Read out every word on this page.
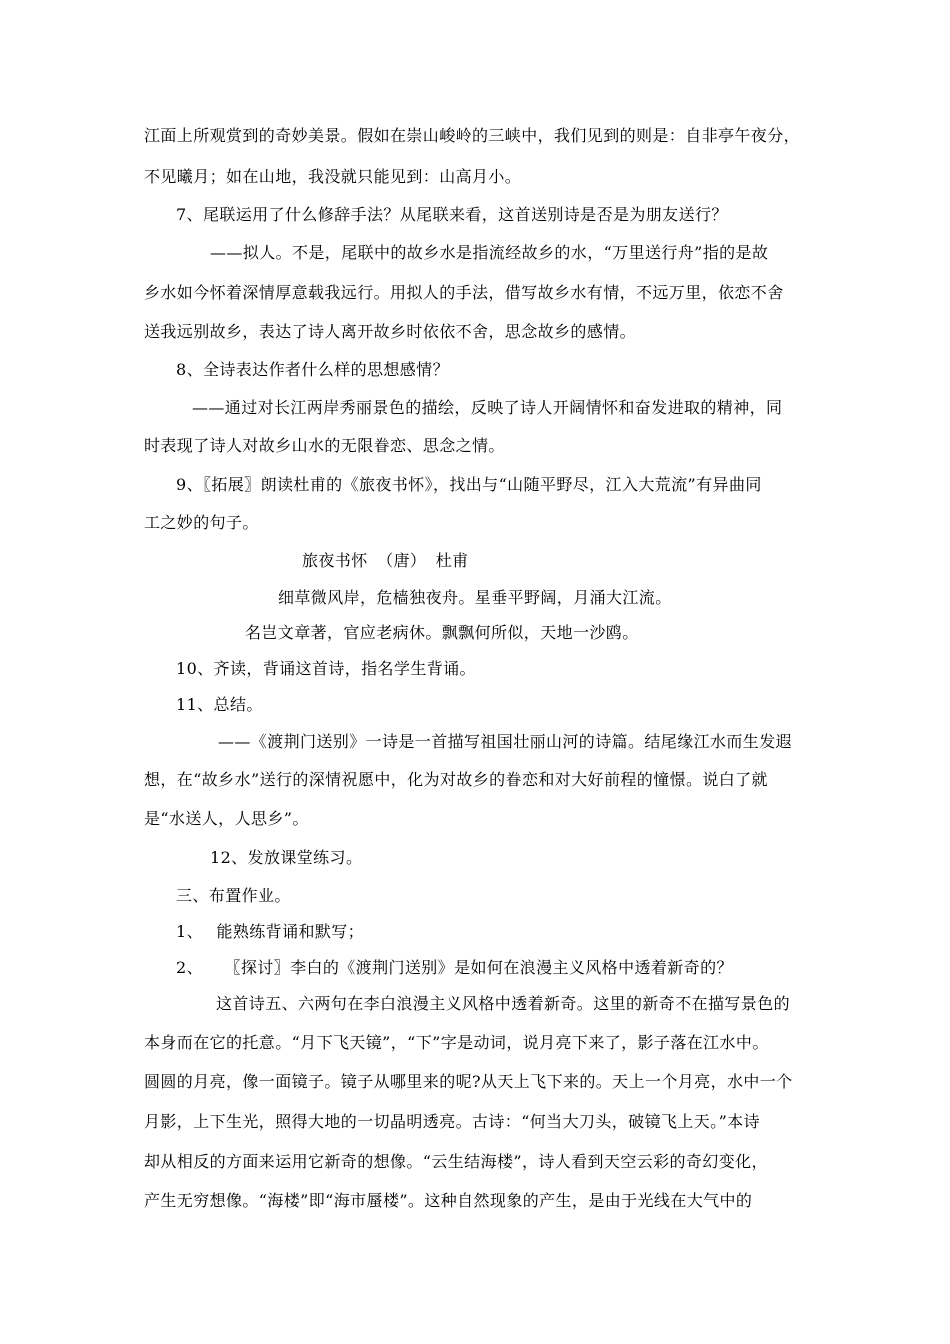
江面上所观赏到的奇妙美景。假如在崇山峻岭的三峡中，我们见到的则是：自非亭午夜分，
不见曦月；如在山地，我没就只能见到：山高月小。
7、尾联运用了什么修辞手法？从尾联来看，这首送别诗是否是为朋友送行？
——拟人。不是，尾联中的故乡水是指流经故乡的水，“万里送行舟”指的是故
乡水如今怀着深情厚意载我远行。用拟人的手法，借写故乡水有情，不远万里，依恋不舍
送我远别故乡，表达了诗人离开故乡时依依不舍，思念故乡的感情。
8、全诗表达作者什么样的思想感情？
——通过对长江两岸秀丽景色的描绘，反映了诗人开阔情怀和奋发进取的精神，同
时表现了诗人对故乡山水的无限眷恋、思念之情。
9、〖拓展〗朗读杜甫的《旅夜书怀》，找出与“山随平野尽，江入大荒流”有异曲同
工之妙的句子。
旅夜书怀 （唐） 杜甫
细草微风岸，危樯独夜舟。星垂平野阔，月涌大江流。
名岂文章著，官应老病休。飘飘何所似，天地一沙鸥。
10、齐读，背诵这首诗，指名学生背诵。
11、总结。
——《渡荆门送别》一诗是一首描写祖国壮丽山河的诗篇。结尾缘江水而生发遐
想，在“故乡水”送行的深情祝愿中，化为对故乡的眷恋和对大好前程的憧憬。说白了就
是“水送人，人思乡”。
12、发放课堂练习。
三、布置作业。
1、 能熟练背诵和默写；
2、 〖探讨〗李白的《渡荆门送别》是如何在浪漫主义风格中透着新奇的？
这首诗五、六两句在李白浪漫主义风格中透着新奇。这里的新奇不在描写景色的
本身而在它的托意。“月下飞天镜”，“下”字是动词，说月亮下来了，影子落在江水中。
圆圆的月亮，像一面镜子。镜子从哪里来的呢?从天上飞下来的。天上一个月亮，水中一个
月影，上下生光，照得大地的一切晶明透亮。古诗：“何当大刀头，破镜飞上天。”本诗
却从相反的方面来运用它新奇的想像。“云生结海楼”，诗人看到天空云彩的奇幻变化，
产生无穷想像。“海楼”即“海市蜃楼”。这种自然现象的产生，是由于光线在大气中的
